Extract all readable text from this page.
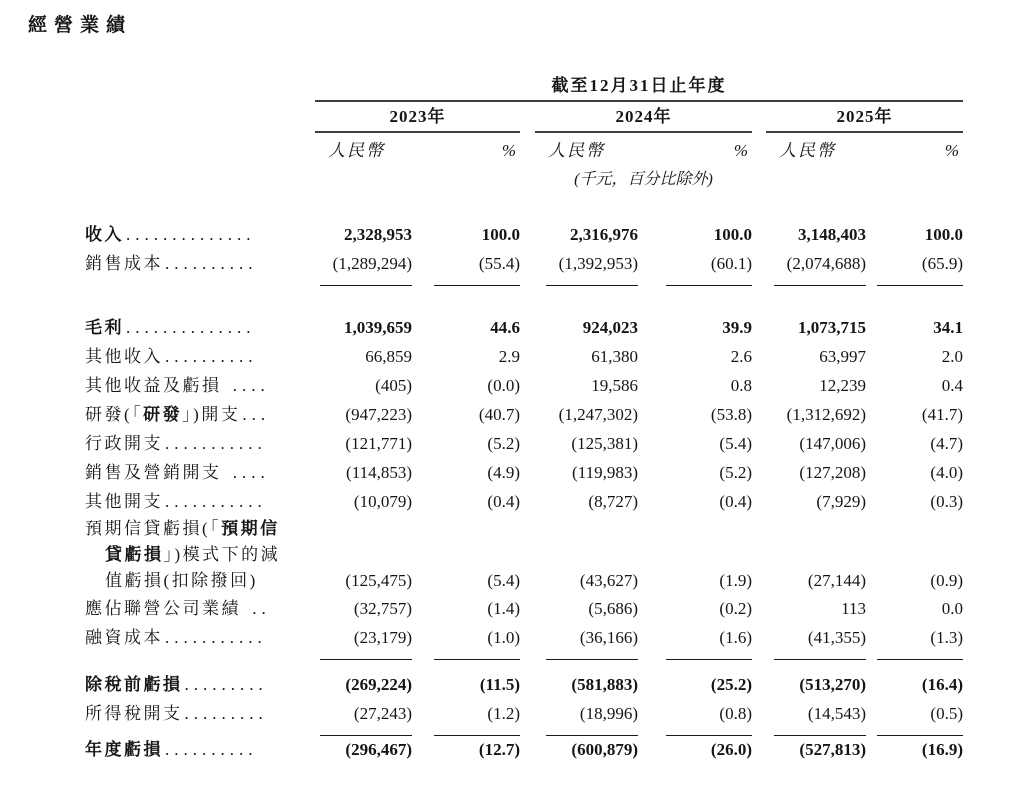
經營業績
截至12月31日止年度
2023年	2024年	2025年
人民幣	% 人民幣	% 人民幣	%
(千元，百分比除外)
收入 ..............	2,328,953	100.0	2,316,976	100.0	3,148,403	100.0
銷售成本 ..........	(1,289,294)	(55.4)	(1,392,953)	(60.1)	(2,074,688)	(65.9)
毛利 ..............	1,039,659	44.6	924,023	39.9	1,073,715	34.1
其他收入 ..........	66,859	2.9	61,380	2.6	63,997	2.0
其他收益及虧損 ....	(405)	(0.0)	19,586	0.8	12,239	0.4
研發(「研發」)開支 ...	(947,223)	(40.7)	(1,247,302)	(53.8)	(1,312,692)	(41.7)
行政開支 ...........	(121,771)	(5.2)	(125,381)	(5.4)	(147,006)	(4.7)
銷售及營銷開支 ....	(114,853)	(4.9)	(119,983)	(5.2)	(127,208)	(4.0)
其他開支 ...........	(10,079)	(0.4)	(8,727)	(0.4)	(7,929)	(0.3)
預期信貸虧損(「預期信
貸虧損」)模式下的減
值虧損(扣除撥回)	(125,475)	(5.4)	(43,627)	(1.9)	(27,144)	(0.9)
應佔聯營公司業績 ..	(32,757)	(1.4)	(5,686)	(0.2)	113	0.0
融資成本 ...........	(23,179)	(1.0)	(36,166)	(1.6)	(41,355)	(1.3)
除稅前虧損 .........	(269,224)	(11.5)	(581,883)	(25.2)	(513,270)	(16.4)
所得稅開支 .........	(27,243)	(1.2)	(18,996)	(0.8)	(14,543)	(0.5)
年度虧損 ..........	(296,467)	(12.7)	(600,879)	(26.0)	(527,813)	(16.9)
